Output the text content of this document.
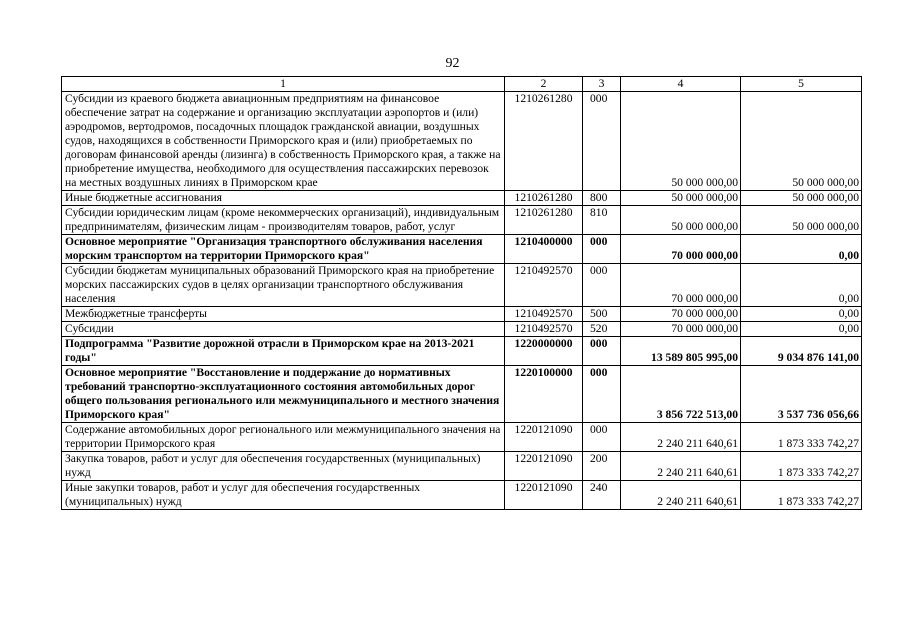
92
1	2	3	4	5
Субсидии из краевого бюджета авиационным предприятиям на финансовое обеспечение затрат на содержание и организацию эксплуатации аэропортов и (или) аэродромов, вертодромов, посадочных площадок гражданской авиации, воздушных судов, находящихся в собственности Приморского края и (или) приобретаемых по договорам финансовой аренды (лизинга) в собственность Приморского края, а также на приобретение имущества, необходимого для осуществления пассажирских перевозок на местных воздушных линиях в Приморском крае	1210261280	000	50 000 000,00	50 000 000,00
Иные бюджетные ассигнования	1210261280	800	50 000 000,00	50 000 000,00
Субсидии юридическим лицам (кроме некоммерческих организаций), индивидуальным предпринимателям, физическим лицам - производителям товаров, работ, услуг	1210261280	810	50 000 000,00	50 000 000,00
Основное мероприятие "Организация транспортного обслуживания населения морским транспортом на территории Приморского края"	1210400000	000	70 000 000,00	0,00
Субсидии бюджетам муниципальных образований Приморского края на приобретение морских пассажирских судов в целях организации транспортного обслуживания населения	1210492570	000	70 000 000,00	0,00
Межбюджетные трансферты	1210492570	500	70 000 000,00	0,00
Субсидии	1210492570	520	70 000 000,00	0,00
Подпрограмма "Развитие дорожной отрасли в Приморском крае на 2013-2021 годы"	1220000000	000	13 589 805 995,00	9 034 876 141,00
Основное мероприятие "Восстановление и поддержание до нормативных требований транспортно-эксплуатационного состояния автомобильных дорог общего пользования регионального или межмуниципального и местного значения Приморского края"	1220100000	000	3 856 722 513,00	3 537 736 056,66
Содержание автомобильных дорог регионального или межмуниципального значения на территории Приморского края	1220121090	000	2 240 211 640,61	1 873 333 742,27
Закупка товаров, работ и услуг для обеспечения государственных (муниципальных) нужд	1220121090	200	2 240 211 640,61	1 873 333 742,27
Иные закупки товаров, работ и услуг для обеспечения государственных (муниципальных) нужд	1220121090	240	2 240 211 640,61	1 873 333 742,27
